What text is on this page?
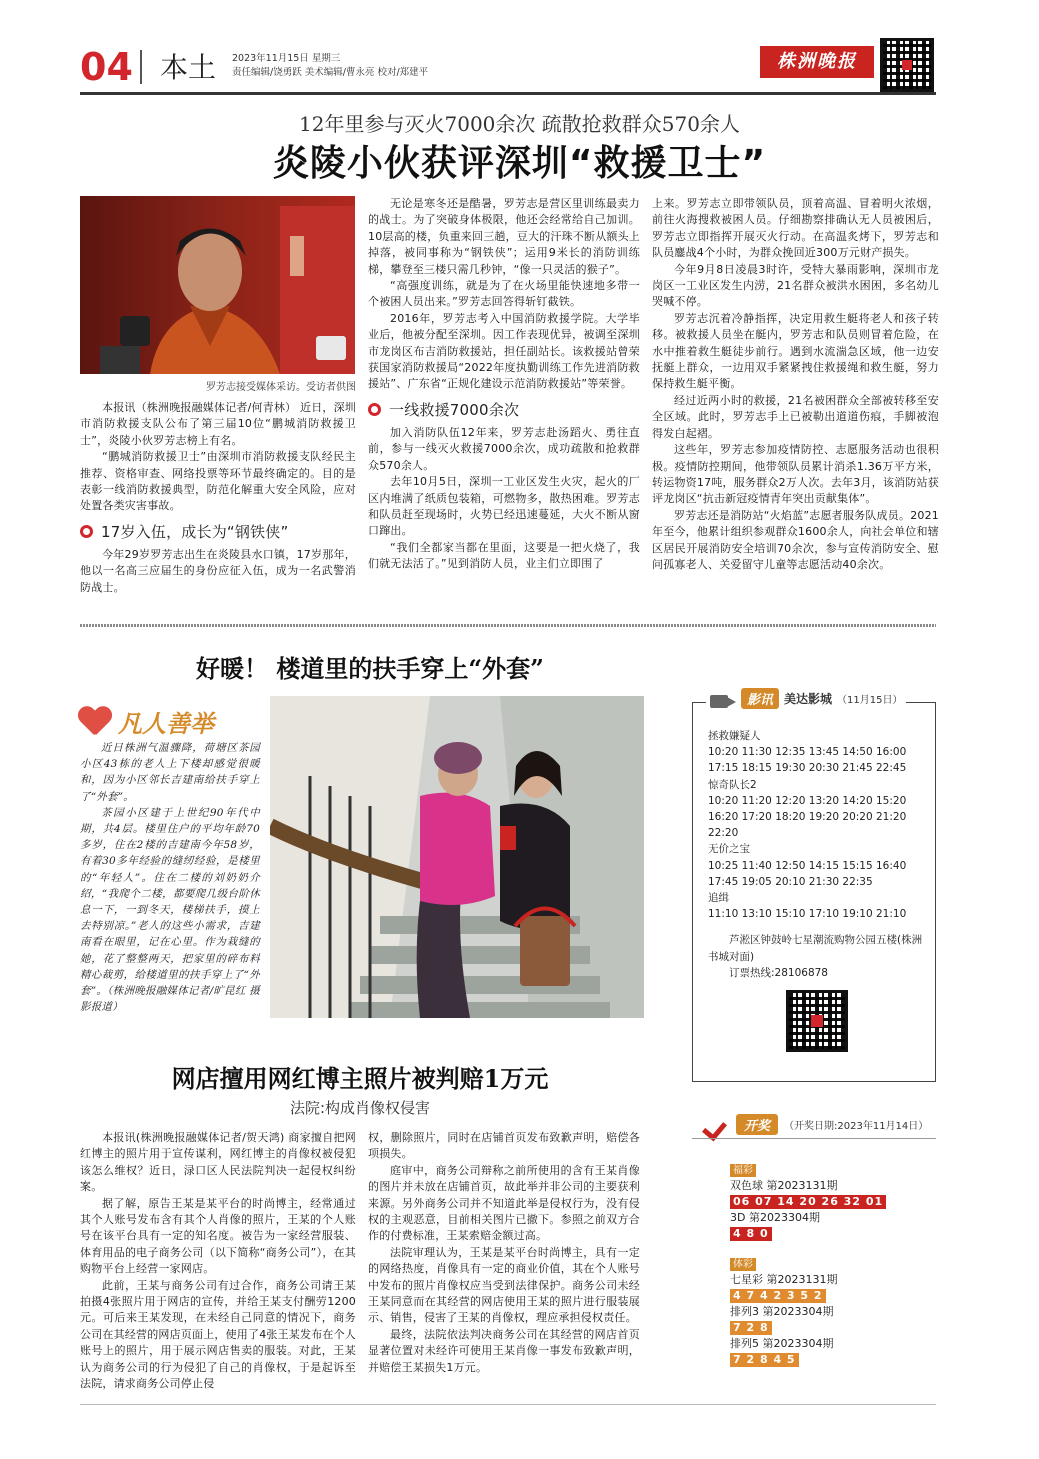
04 本土 2023年11月15日 星期三
责任编辑/饶勇跃 美术编辑/曹永亮 校对/郑建平
株洲晚报
12年里参与灭火7000余次 疏散抢救群众570余人
炎陵小伙获评深圳“救援卫士”
罗芳志接受媒体采访。受访者供图

本报讯（株洲晚报融媒体记者/何青林） 近日，深圳市消防救援支队公布了第三届10位“鹏城消防救援卫士”，炎陵小伙罗芳志榜上有名。

“鹏城消防救援卫士”由深圳市消防救援支队经民主推荐、资格审查、网络投票等环节最终确定的。目的是表彰一线消防救援典型，防范化解重大安全风险，应对处置各类灾害事故。

17岁入伍，成长为“钢铁侠”

今年29岁罗芳志出生在炎陵县水口镇，17岁那年，他以一名高三应届生的身份应征入伍，成为一名武警消防战士。

无论是寒冬还是酷暑，罗芳志是营区里训练最卖力的战士。为了突破身体极限，他还会经常给自己加训。10层高的楼，负重来回三趟，豆大的汗珠不断从额头上掉落，被同事称为“钢铁侠”；运用9米长的消防训练梯，攀登至三楼只需几秒钟，“像一只灵活的猴子”。

“高强度训练，就是为了在火场里能快速地多带一个被困人员出来。”罗芳志回答得斩钉截铁。

2016年，罗芳志考入中国消防救援学院。大学毕业后，他被分配至深圳。因工作表现优异，被调至深圳市龙岗区布吉消防救援站，担任副站长。该救援站曾荣获国家消防救援局“2022年度执勤训练工作先进消防救援站”、广东省“正规化建设示范消防救援站”等荣誉。

一线救援7000余次

加入消防队伍12年来，罗芳志赴汤蹈火、勇往直前，参与一线灭火救援7000余次，成功疏散和抢救群众570余人。

去年10月5日，深圳一工业区发生火灾，起火的厂区内堆满了纸质包装箱，可燃物多，散热困难。罗芳志和队员赶至现场时，火势已经迅速蔓延，大火不断从窗口蹿出。

“我们全都家当都在里面，这要是一把火烧了，我们就无法活了。”见到消防人员，业主们立即围了

上来。罗芳志立即带领队员，顶着高温、冒着明火浓烟，前往火海搜救被困人员。仔细勘察排确认无人员被困后，罗芳志立即指挥开展灭火行动。在高温炙烤下，罗芳志和队员鏖战4个小时，为群众挽回近300万元财产损失。

今年9月8日凌晨3时许，受特大暴雨影响，深圳市龙岗区一工业区发生内涝，21名群众被洪水困困，多名幼儿哭喊不停。

罗芳志沉着冷静指挥，决定用救生艇将老人和孩子转移。被救援人员坐在艇内，罗芳志和队员则冒着危险，在水中推着救生艇徒步前行。遇到水流湍急区域，他一边安抚艇上群众，一边用双手紧紧拽住救援绳和救生艇，努力保持救生艇平衡。

经过近两小时的救援，21名被困群众全部被转移至安全区域。此时，罗芳志手上已被勒出道道伤痕，手脚被泡得发白起褶。

这些年，罗芳志参加疫情防控、志愿服务活动也很积极。疫情防控期间，他带领队员累计消杀1.36万平方米，转运物资17吨，服务群众2万人次。去年3月，该消防站获评龙岗区“抗击新冠疫情青年突出贡献集体”。

罗芳志还是消防站“火焰蓝”志愿者服务队成员。2021年至今，他累计组织参观群众1600余人，向社会单位和辖区居民开展消防安全培训70余次，参与宣传消防安全、慰问孤寡老人、关爱留守儿童等志愿活动40余次。

好暖！ 楼道里的扶手穿上“外套”
凡人善举

近日株洲气温骤降，荷塘区茶园小区43栋的老人上下楼却感觉很暖和，因为小区邻长吉建南给扶手穿上了“外套”。

茶园小区建于上世纪90年代中期，共4层。楼里住户的平均年龄70多岁，住在2楼的吉建南今年58岁，有着30多年经验的缝纫经验，是楼里的“年轻人”。住在二楼的刘奶奶介绍，“我爬个二楼，都要爬几级台阶休息一下，一到冬天，楼梯扶手，摸上去特别凉。”老人的这些小需求，吉建南看在眼里，记在心里。作为栽缝的她，花了整整两天，把家里的碎布料精心裁剪，给楼道里的扶手穿上了“外套”。（株洲晚报融媒体记者/旷昆红 摄影报道）

影讯 美达影城 （11月15日）
拯救嫌疑人
10:20 11:30 12:35 13:45 14:50 16:00 17:15 18:15 19:30 20:30 21:45 22:45
惊奇队长2
10:20 11:20 12:20 13:20 14:20 15:20 16:20 17:20 18:20 19:20 20:20 21:20 22:20
无价之宝
10:25 11:40 12:50 14:15 15:15 16:40 17:45 19:05 20:10 21:30 22:35
追缉
11:10 13:10 15:10 17:10 19:10 21:10
芦淞区钟鼓岭七星潮流购物公园五楼(株洲书城对面)
订票热线:28106878
网店擅用网红博主照片被判赔1万元
法院:构成肖像权侵害

本报讯(株洲晚报融媒体记者/贺天鸿) 商家擅自把网红博主的照片用于宣传谋利，网红博主的肖像权被侵犯该怎么维权？近日，渌口区人民法院判决一起侵权纠纷案。

据了解，原告王某是某平台的时尚博主，经常通过其个人账号发布含有其个人肖像的照片，王某的个人账号在该平台具有一定的知名度。被告为一家经营服装、体育用品的电子商务公司（以下简称“商务公司”），在其购物平台上经营一家网店。

此前，王某与商务公司有过合作，商务公司请王某拍摄4张照片用于网店的宣传，并给王某支付酬劳1200元。可后来王某发现，在未经自己同意的情况下，商务公司在其经营的网店页面上，使用了4张王某发布在个人账号上的照片，用于展示网店售卖的服装。对此，王某认为商务公司的行为侵犯了自己的肖像权，于是起诉至法院，请求商务公司停止侵

权，删除照片，同时在店铺首页发布致歉声明，赔偿各项损失。

庭审中，商务公司辩称之前所使用的含有王某肖像的图片并未放在店铺首页，故此举并非公司的主要获利来源。另外商务公司并不知道此举是侵权行为，没有侵权的主观恶意，目前相关图片已撤下。参照之前双方合作的付费标准，王某索赔金额过高。

法院审理认为，王某是某平台时尚博主，具有一定的网络热度，肖像具有一定的商业价值，其在个人账号中发布的照片肖像权应当受到法律保护。商务公司未经王某同意而在其经营的网店使用王某的照片进行服装展示、销售，侵害了王某的肖像权，理应承担侵权责任。

最终，法院依法判决商务公司在其经营的网店首页显著位置对未经许可使用王某肖像一事发布致歉声明，并赔偿王某损失1万元。

开奖	（开奖日期:2023年11月14日）
福彩
双色球 第2023131期
06 07 14 20 26 32 01
3D 第2023304期
4 8 0
体彩
七星彩 第2023131期
4 7 4 2 3 5 2
排列3 第2023304期
7 2 8
排列5 第2023304期
7 2 8 4 5
